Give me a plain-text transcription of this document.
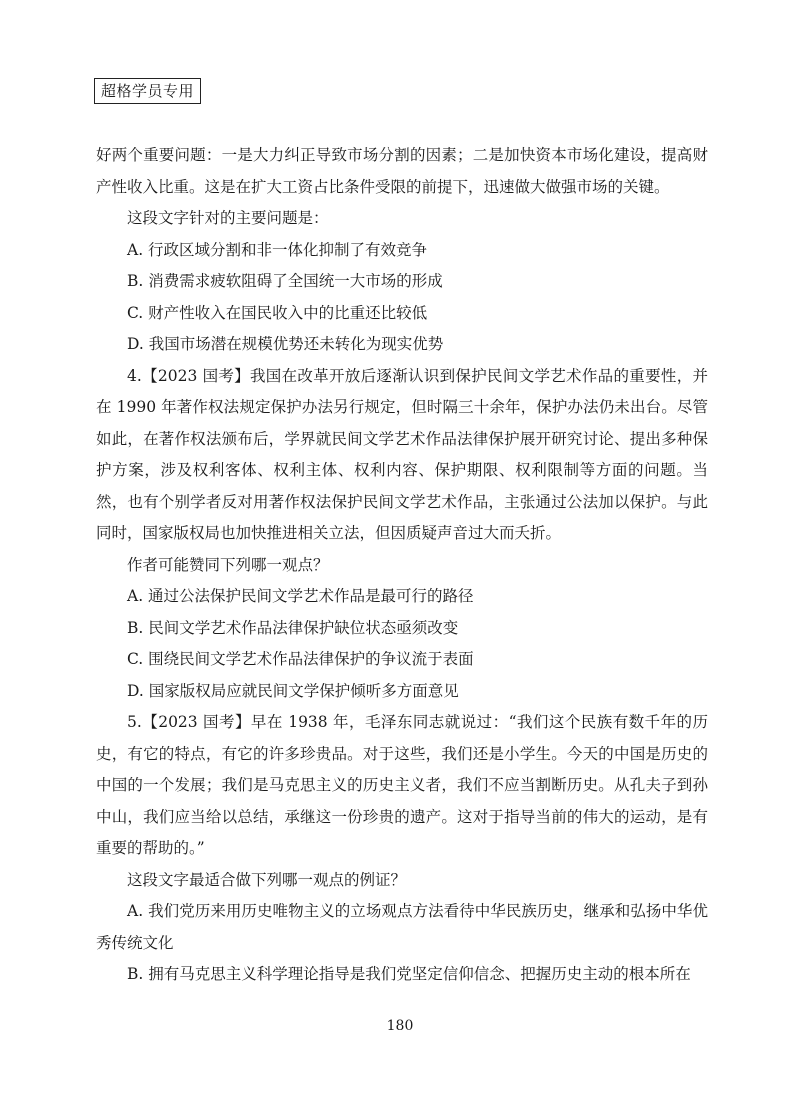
超格学员专用

好两个重要问题：一是大力纠正导致市场分割的因素；二是加快资本市场化建设，提高财产性收入比重。这是在扩大工资占比条件受限的前提下，迅速做大做强市场的关键。

这段文字针对的主要问题是：

A. 行政区域分割和非一体化抑制了有效竞争

B. 消费需求疲软阻碍了全国统一大市场的形成

C. 财产性收入在国民收入中的比重还比较低

D. 我国市场潜在规模优势还未转化为现实优势

4.【2023 国考】我国在改革开放后逐渐认识到保护民间文学艺术作品的重要性，并在 1990 年著作权法规定保护办法另行规定，但时隔三十余年，保护办法仍未出台。尽管如此，在著作权法颁布后，学界就民间文学艺术作品法律保护展开研究讨论、提出多种保护方案，涉及权利客体、权利主体、权利内容、保护期限、权利限制等方面的问题。当然，也有个别学者反对用著作权法保护民间文学艺术作品，主张通过公法加以保护。与此同时，国家版权局也加快推进相关立法，但因质疑声音过大而夭折。

作者可能赞同下列哪一观点？

A. 通过公法保护民间文学艺术作品是最可行的路径

B. 民间文学艺术作品法律保护缺位状态亟须改变

C. 围绕民间文学艺术作品法律保护的争议流于表面

D. 国家版权局应就民间文学保护倾听多方面意见

5.【2023 国考】早在 1938 年，毛泽东同志就说过：“我们这个民族有数千年的历史，有它的特点，有它的许多珍贵品。对于这些，我们还是小学生。今天的中国是历史的中国的一个发展；我们是马克思主义的历史主义者，我们不应当割断历史。从孔夫子到孙中山，我们应当给以总结，承继这一份珍贵的遗产。这对于指导当前的伟大的运动，是有重要的帮助的。”

这段文字最适合做下列哪一观点的例证？

A. 我们党历来用历史唯物主义的立场观点方法看待中华民族历史，继承和弘扬中华优秀传统文化

B. 拥有马克思主义科学理论指导是我们党坚定信仰信念、把握历史主动的根本所在

180
